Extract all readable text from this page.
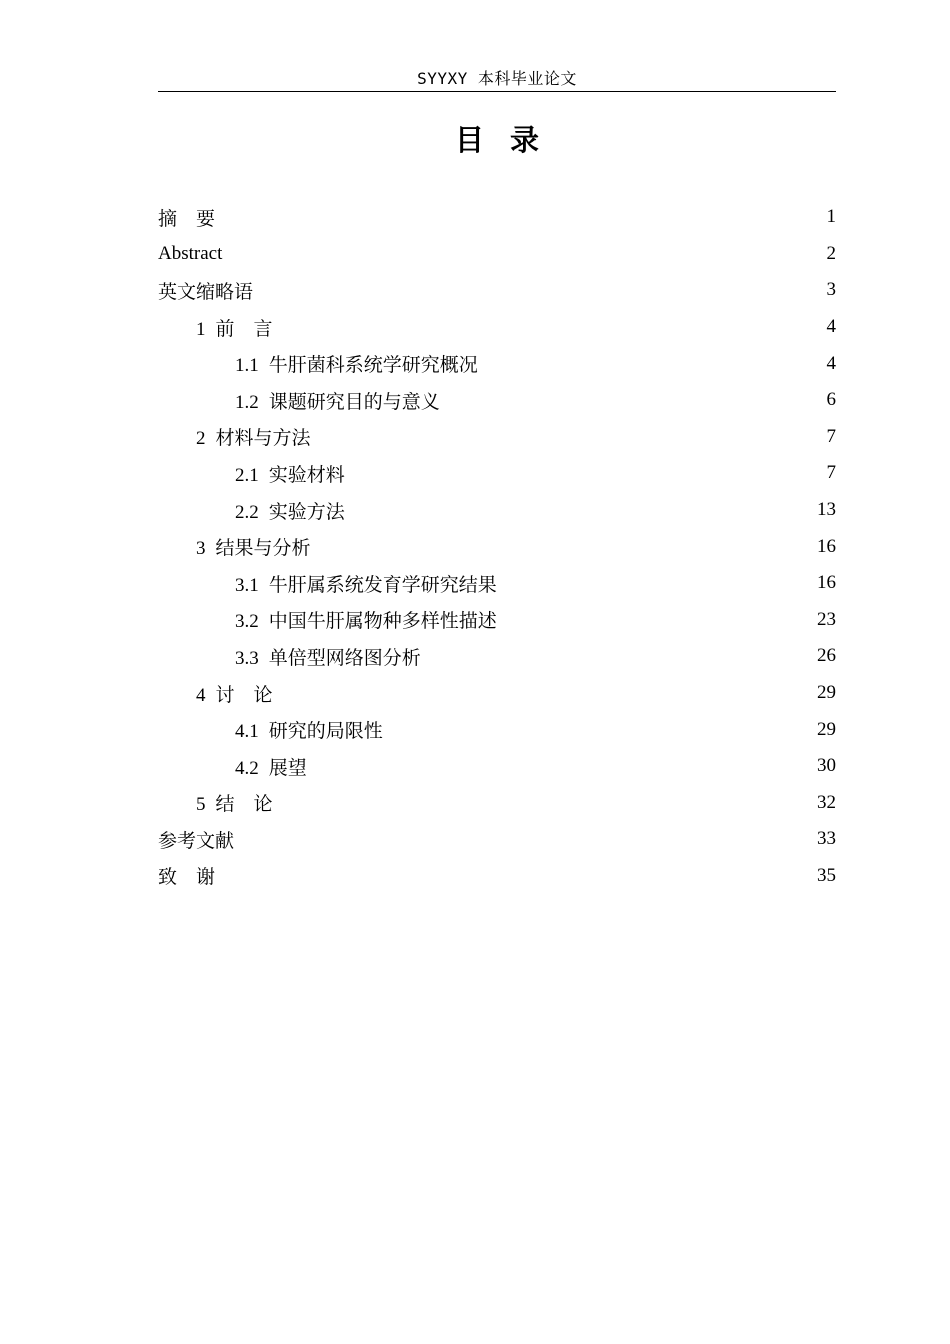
SYYXY 本科毕业论文
目录
摘要	1
Abstract	2
英文缩略语	3
1 前言	4
1.1 牛肝菌科系统学研究概况	4
1.2 课题研究目的与意义	6
2 材料与方法	7
2.1 实验材料	7
2.2 实验方法	13
3 结果与分析	16
3.1 牛肝属系统发育学研究结果	16
3.2 中国牛肝属物种多样性描述	23
3.3 单倍型网络图分析	26
4 讨论	29
4.1 研究的局限性	29
4.2 展望	30
5 结论	32
参考文献	33
致谢	35
